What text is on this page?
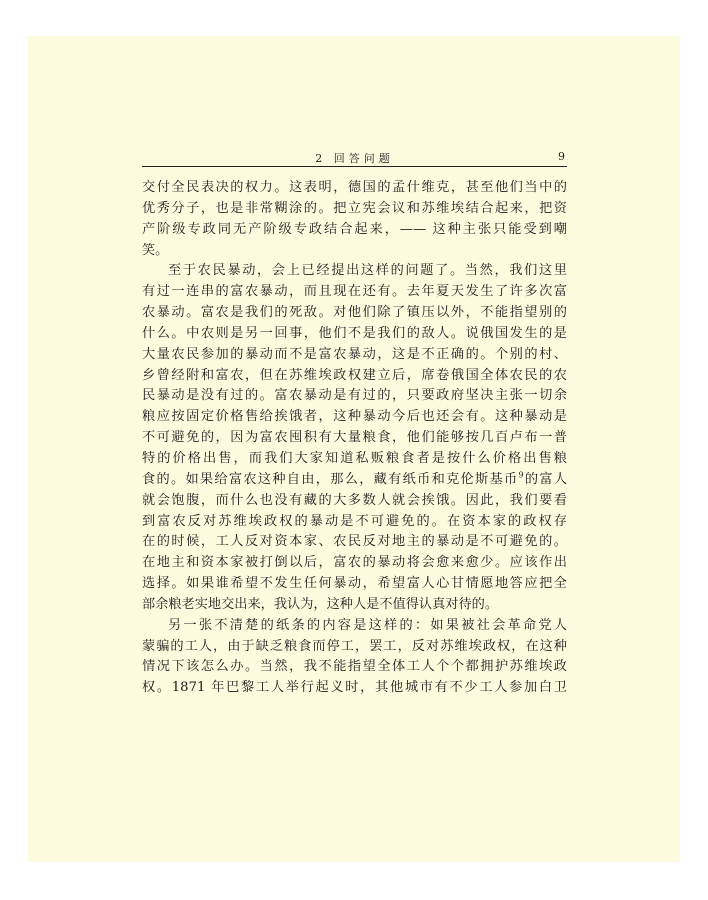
2 回答问题	9
交付全民表决的权力。这表明，德国的孟什维克，甚至他们当中的
优秀分子，也是非常糊涂的。把立宪会议和苏维埃结合起来，把资
产阶级专政同无产阶级专政结合起来，—— 这种主张只能受到嘲
笑。
至于农民暴动，会上已经提出这样的问题了。当然，我们这里
有过一连串的富农暴动，而且现在还有。去年夏天发生了许多次富
农暴动。富农是我们的死敌。对他们除了镇压以外，不能指望别的
什么。中农则是另一回事，他们不是我们的敌人。说俄国发生的是
大量农民参加的暴动而不是富农暴动，这是不正确的。个别的村、
乡曾经附和富农，但在苏维埃政权建立后，席卷俄国全体农民的农
民暴动是没有过的。富农暴动是有过的，只要政府坚决主张一切余
粮应按固定价格售给挨饿者，这种暴动今后也还会有。这种暴动是
不可避免的，因为富农囤积有大量粮食，他们能够按几百卢布一普
特的价格出售，而我们大家知道私贩粮食者是按什么价格出售粮
食的。如果给富农这种自由，那么，藏有纸币和克伦斯基币$^9$的富人
就会饱腹，而什么也没有藏的大多数人就会挨饿。因此，我们要看
到富农反对苏维埃政权的暴动是不可避免的。在资本家的政权存
在的时候，工人反对资本家、农民反对地主的暴动是不可避免的。
在地主和资本家被打倒以后，富农的暴动将会愈来愈少。应该作出
选择。如果谁希望不发生任何暴动，希望富人心甘情愿地答应把全
部余粮老实地交出来，我认为，这种人是不值得认真对待的。
另一张不清楚的纸条的内容是这样的：如果被社会革命党人
蒙骗的工人，由于缺乏粮食而停工，罢工，反对苏维埃政权，在这种
情况下该怎么办。当然，我不能指望全体工人个个都拥护苏维埃政
权。1871 年巴黎工人举行起义时，其他城市有不少工人参加白卫
